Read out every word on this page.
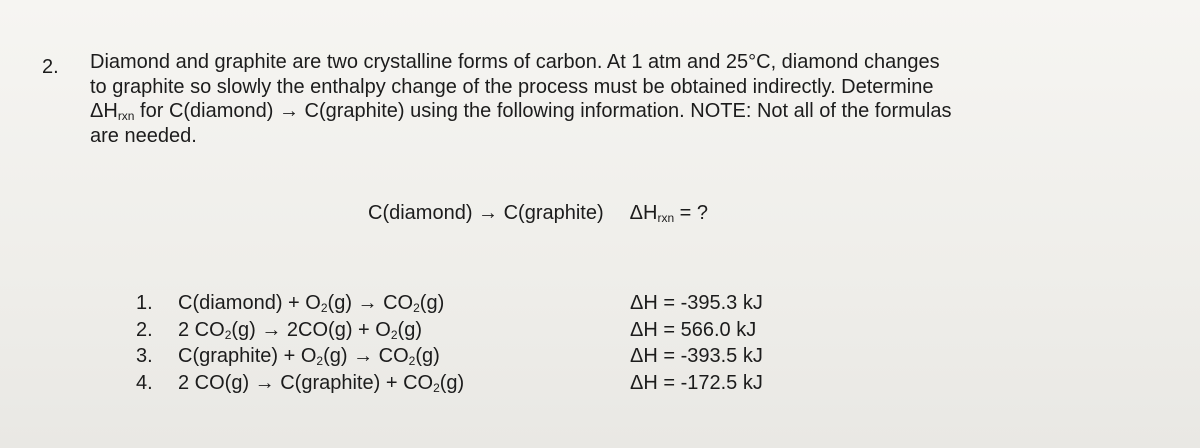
2. Diamond and graphite are two crystalline forms of carbon. At 1 atm and 25°C, diamond changes
to graphite so slowly the enthalpy change of the process must be obtained indirectly. Determine
$\Delta H_{rxn}$ for C(diamond) → C(graphite) using the following information. NOTE: Not all of the formulas
are needed.
C(diamond) → C(graphite) $\Delta H_{rxn}$ = ?
1. C(diamond) + $O_2(g) \to CO_2(g)$
2. 2 $CO_2(g) \to 2CO(g) + O_2(g)$
3. C(graphite) + $O_2(g) \to CO_2(g)$
4. 2 CO(g) → C(graphite) + $CO_2(g)$
ΔH = -395.3 kJ
ΔH = 566.0 kJ
ΔH = -393.5 kJ
ΔH = -172.5 kJ
